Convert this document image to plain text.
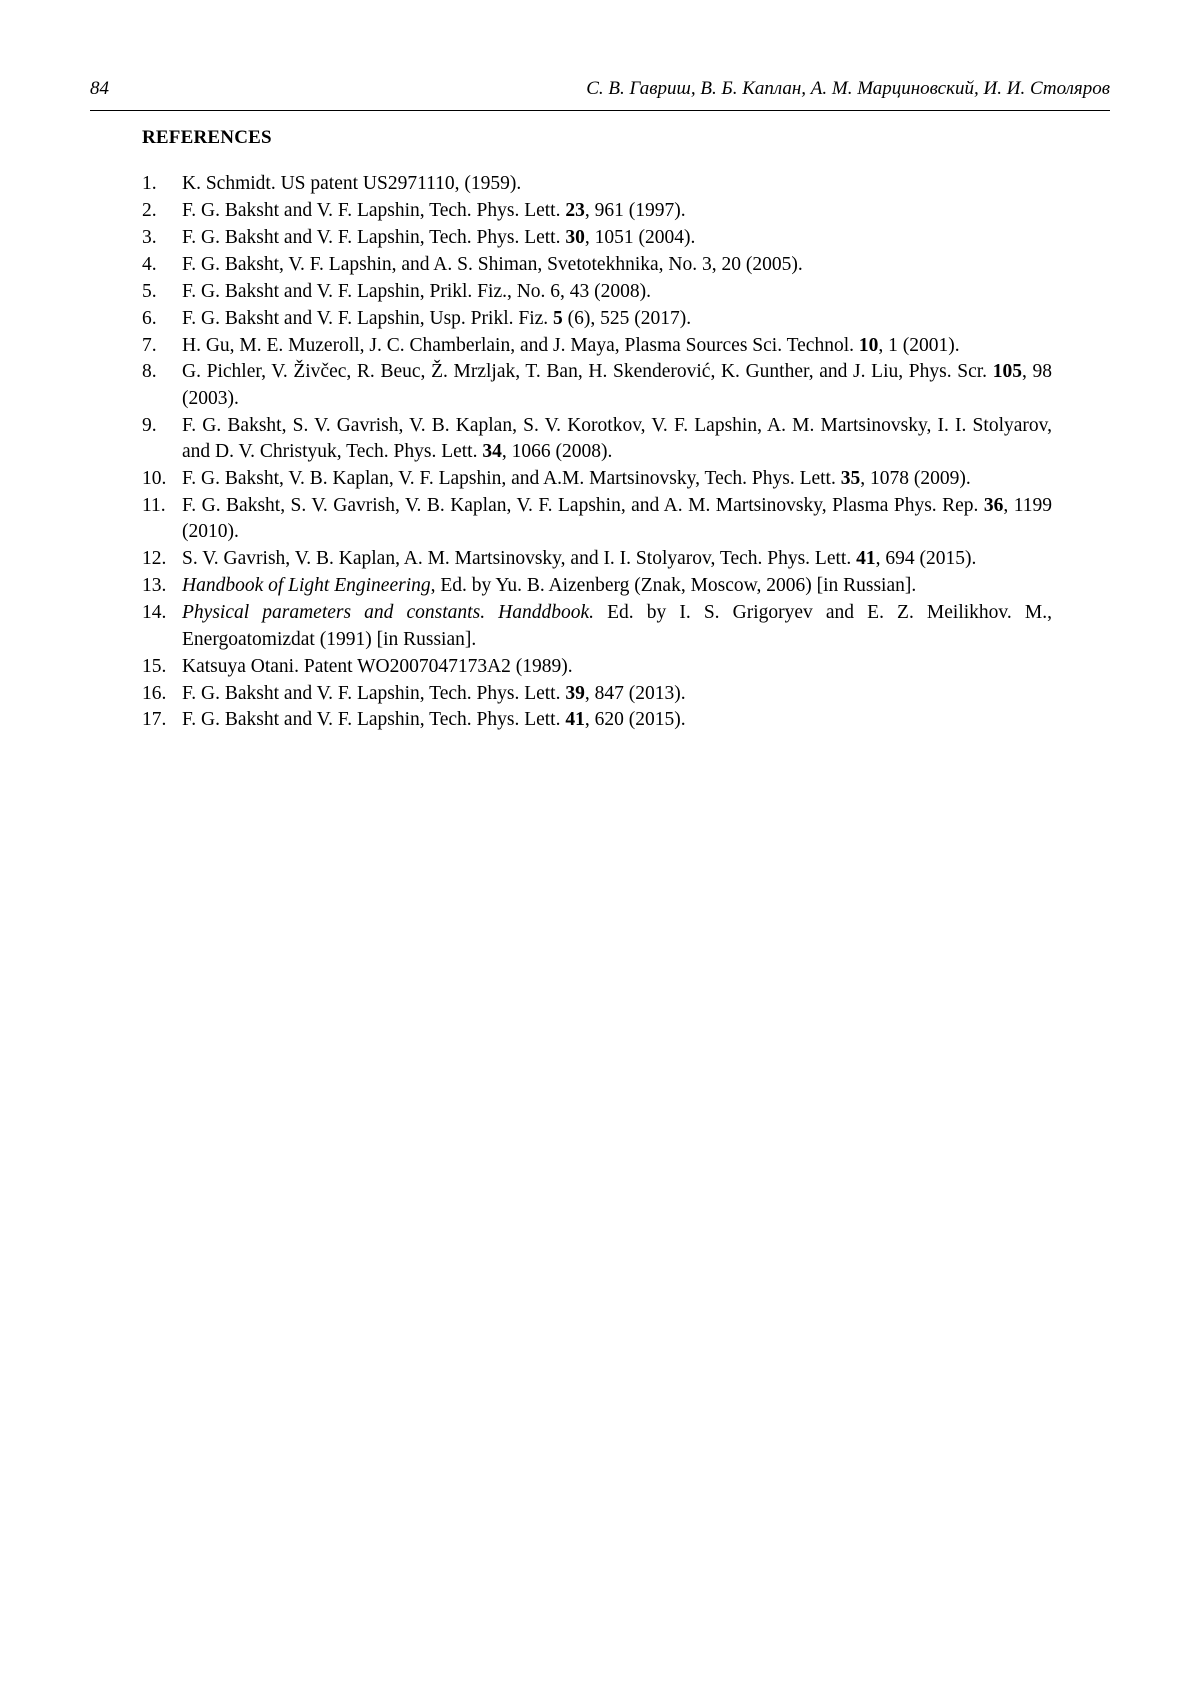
84	С. В. Гавриш, В. Б. Каплан, А. М. Марциновский, И. И. Столяров
REFERENCES
1.	K. Schmidt. US patent US2971110, (1959).
2.	F. G. Baksht and V. F. Lapshin, Tech. Phys. Lett. 23, 961 (1997).
3.	F. G. Baksht and V. F. Lapshin, Tech. Phys. Lett. 30, 1051 (2004).
4.	F. G. Baksht, V. F. Lapshin, and A. S. Shiman, Svetotekhnika, No. 3, 20 (2005).
5.	F. G. Baksht and V. F. Lapshin, Prikl. Fiz., No. 6, 43 (2008).
6.	F. G. Baksht and V. F. Lapshin, Usp. Prikl. Fiz. 5 (6), 525 (2017).
7.	H. Gu, M. E. Muzeroll, J. C. Chamberlain, and J. Maya, Plasma Sources Sci. Technol. 10, 1 (2001).
8.	G. Pichler, V. Živčec, R. Beuc, Ž. Mrzljak, T. Ban, H. Skenderović, K. Gunther, and J. Liu, Phys. Scr. 105, 98 (2003).
9.	F. G. Baksht, S. V. Gavrish, V. B. Kaplan, S. V. Korotkov, V. F. Lapshin, A. M. Martsinovsky, I. I. Stolyarov, and D. V. Christyuk, Tech. Phys. Lett. 34, 1066 (2008).
10. F. G. Baksht, V. B. Kaplan, V. F. Lapshin, and A.M. Martsinovsky, Tech. Phys. Lett. 35, 1078 (2009).
11. F. G. Baksht, S. V. Gavrish, V. B. Kaplan, V. F. Lapshin, and A. M. Martsinovsky, Plasma Phys. Rep. 36, 1199 (2010).
12. S. V. Gavrish, V. B. Kaplan, A. M. Martsinovsky, and I. I. Stolyarov, Tech. Phys. Lett. 41, 694 (2015).
13. Handbook of Light Engineering, Ed. by Yu. B. Aizenberg (Znak, Moscow, 2006) [in Russian].
14. Physical parameters and constants. Handdbook. Ed. by I. S. Grigoryev and E. Z. Meilikhov. M., Energoatomizdat (1991) [in Russian].
15. Katsuya Otani. Patent WO2007047173A2 (1989).
16. F. G. Baksht and V. F. Lapshin, Tech. Phys. Lett. 39, 847 (2013).
17. F. G. Baksht and V. F. Lapshin, Tech. Phys. Lett. 41, 620 (2015).
